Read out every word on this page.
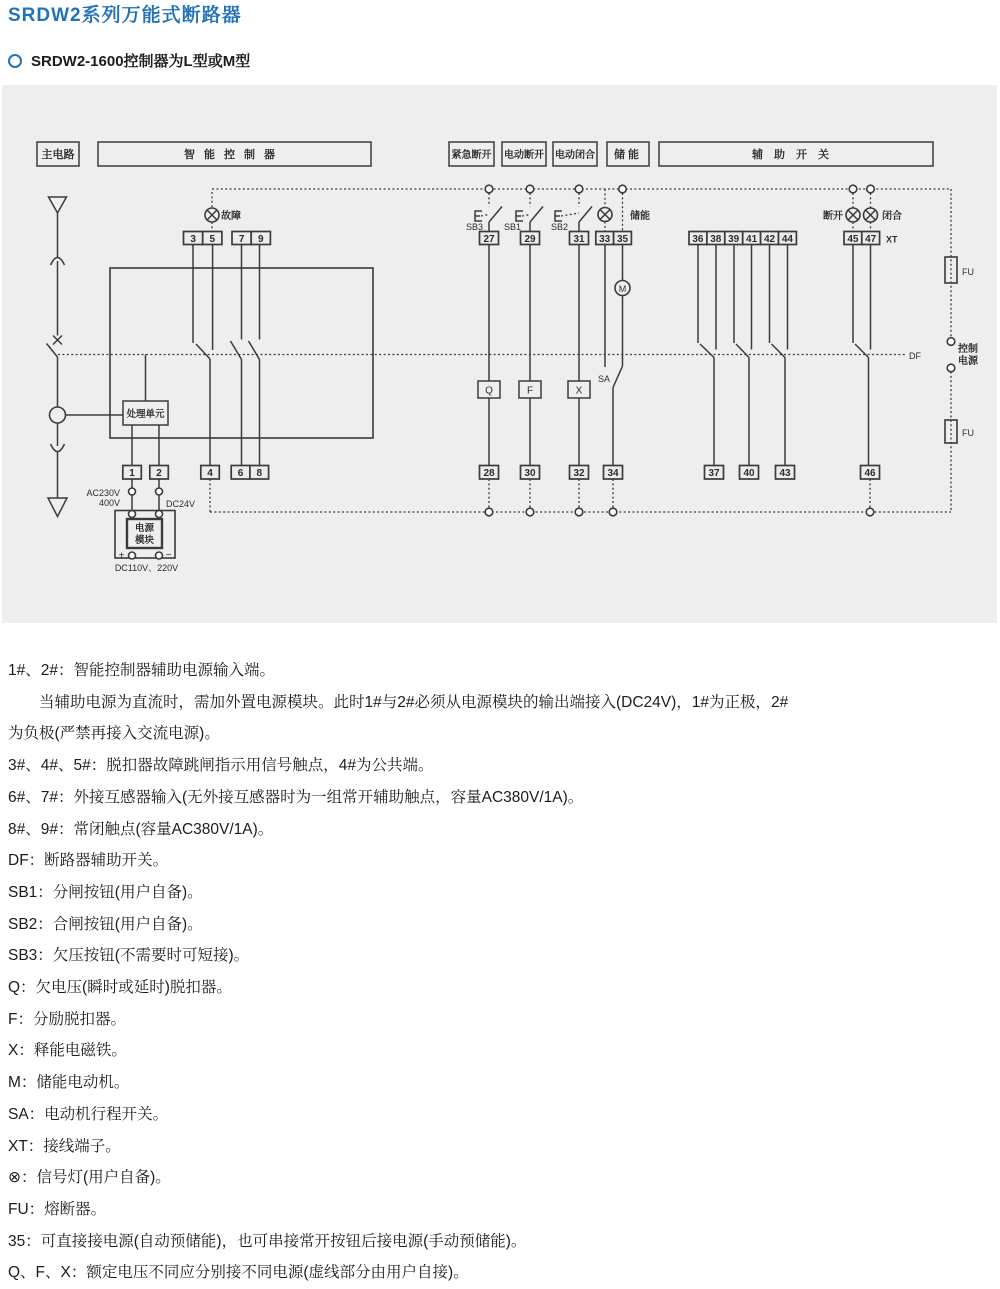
SRDW2系列万能式断路器
SRDW2-1600控制器为L型或M型
主电路	智能控制器	紧急断开 电动断开 电动闭合 储能	辅助开关
DF
处理单元
故障
SB3 SB1	SB2
储能	断开	闭合
Q	F	X
M
SA
FU
控制
电源
FU
AC230V
400V	DC24V
电源
模块
+	−
DC110V、220V
3 5 7 9	27	29	31 33 35	36 38 39 41 42 44	45 47 XT
1 2	4 6 8	28	30	32 34	37 40 43	46
1#、2#：智能控制器辅助电源输入端。
　　当辅助电源为直流时，需加外置电源模块。此时1#与2#必须从电源模块的输出端接入(DC24V)，1#为正极，2#
为负极(严禁再接入交流电源)。
3#、4#、5#：脱扣器故障跳闸指示用信号触点，4#为公共端。
6#、7#：外接互感器输入(无外接互感器时为一组常开辅助触点，容量AC380V/1A)。
8#、9#：常闭触点(容量AC380V/1A)。
DF：断路器辅助开关。
SB1：分闸按钮(用户自备)。
SB2：合闸按钮(用户自备)。
SB3：欠压按钮(不需要时可短接)。
Q：欠电压(瞬时或延时)脱扣器。
F：分励脱扣器。
X：释能电磁铁。
M：储能电动机。
SA：电动机行程开关。
XT：接线端子。
⊗：信号灯(用户自备)。
FU：熔断器。
35：可直接接电源(自动预储能)，也可串接常开按钮后接电源(手动预储能)。
Q、F、X：额定电压不同应分别接不同电源(虚线部分由用户自接)。
